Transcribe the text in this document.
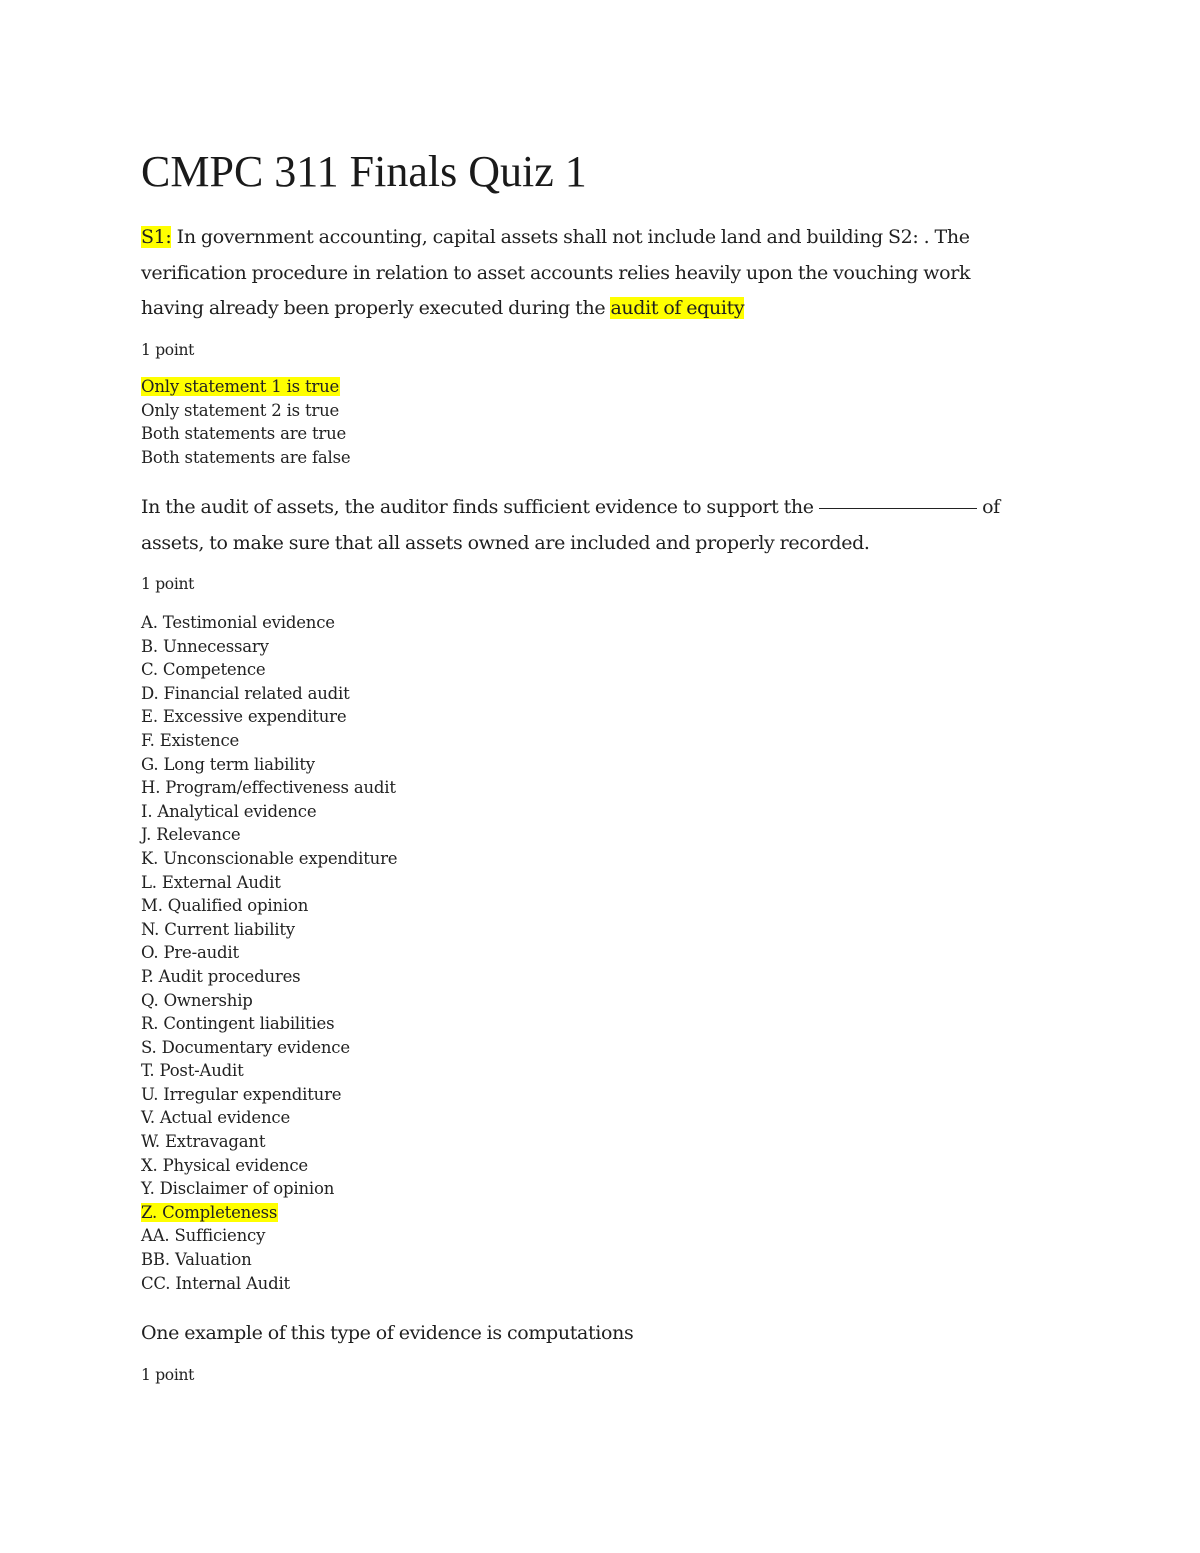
CMPC 311 Finals Quiz 1
S1: In government accounting, capital assets shall not include land and building S2: . The verification procedure in relation to asset accounts relies heavily upon the vouching work having already been properly executed during the audit of equity
1 point
Only statement 1 is true
Only statement 2 is true
Both statements are true
Both statements are false
In the audit of assets, the auditor finds sufficient evidence to support the	of assets, to make sure that all assets owned are included and properly recorded.
1 point
A. Testimonial evidence
B. Unnecessary
C. Competence
D. Financial related audit
E. Excessive expenditure
F. Existence
G. Long term liability
H. Program/effectiveness audit
I. Analytical evidence
J. Relevance
K. Unconscionable expenditure
L. External Audit
M. Qualified opinion
N. Current liability
O. Pre-audit
P. Audit procedures
Q. Ownership
R. Contingent liabilities
S. Documentary evidence
T. Post-Audit
U. Irregular expenditure
V. Actual evidence
W. Extravagant
X. Physical evidence
Y. Disclaimer of opinion
Z. Completeness
AA. Sufficiency
BB. Valuation
CC. Internal Audit
One example of this type of evidence is computations
1 point
